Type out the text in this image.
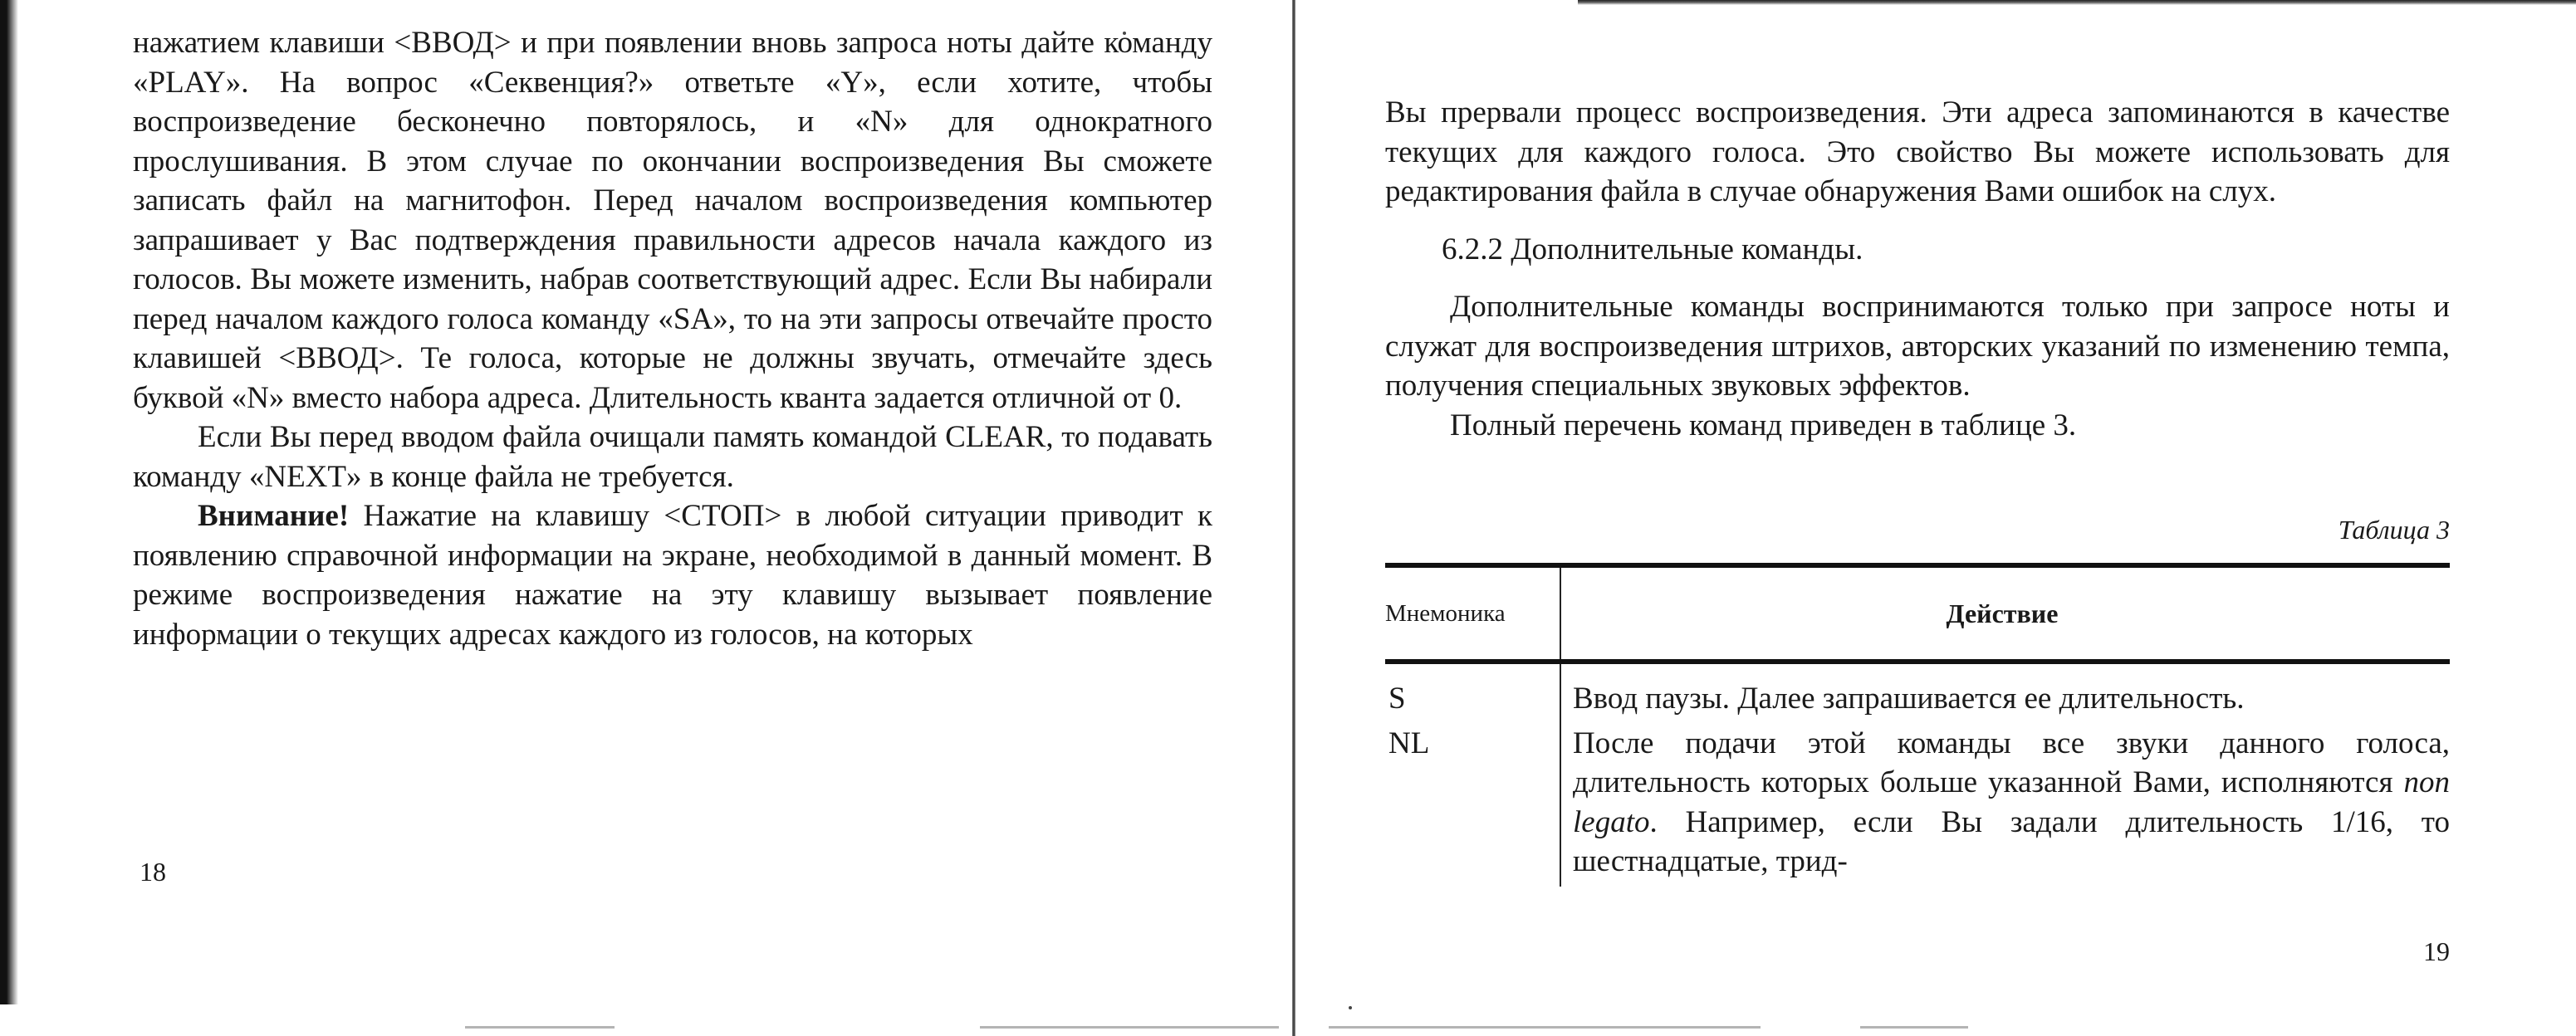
нажатием клавиши <ВВОД> и при появлении вновь запроса ноты дайте команду «PLAY». На вопрос «Секвенция?» ответьте «Y», если хотите, чтобы воспроизведение бесконечно повторялось, и «N» для однократного прослушивания. В этом случае по окончании воспроизведения Вы сможете записать файл на магнитофон. Перед началом воспроизведения компьютер запрашивает у Вас подтверждения правильности адресов начала каждого из голосов. Вы можете изменить, набрав соответствующий адрес. Если Вы набирали перед началом каждого голоса команду «SA», то на эти запросы отвечайте просто клавишей <ВВОД>. Те голоса, которые не должны звучать, отмечайте здесь буквой «N» вместо набора адреса. Длительность кванта задается отличной от 0.

Если Вы перед вводом файла очищали память командой CLEAR, то подавать команду «NEXT» в конце файла не требуется.

Внимание! Нажатие на клавишу <СТОП> в любой ситуации приводит к появлению справочной информации на экране, необходимой в данный момент. В режиме воспроизведения нажатие на эту клавишу вызывает появление информации о текущих адресах каждого из голосов, на которых

18

Вы прервали процесс воспроизведения. Эти адреса запоминаются в качестве текущих для каждого голоса. Это свойство Вы можете использовать для редактирования файла в случае обнаружения Вами ошибок на слух.

6.2.2 Дополнительные команды.

Дополнительные команды воспринимаются только при запросе ноты и служат для воспроизведения штрихов, авторских указаний по изменению темпа, получения специальных звуковых эффектов.

Полный перечень команд приведен в таблице 3.

Таблица 3
Мнемоника	Действие
S	Ввод паузы. Далее запрашивается ее длительность.
NL	После подачи этой команды все звуки данного голоса, длительность которых больше указанной Вами, исполняются non legato. Например, если Вы задали длительность 1/16, то шестнадцатые, трид-
19
